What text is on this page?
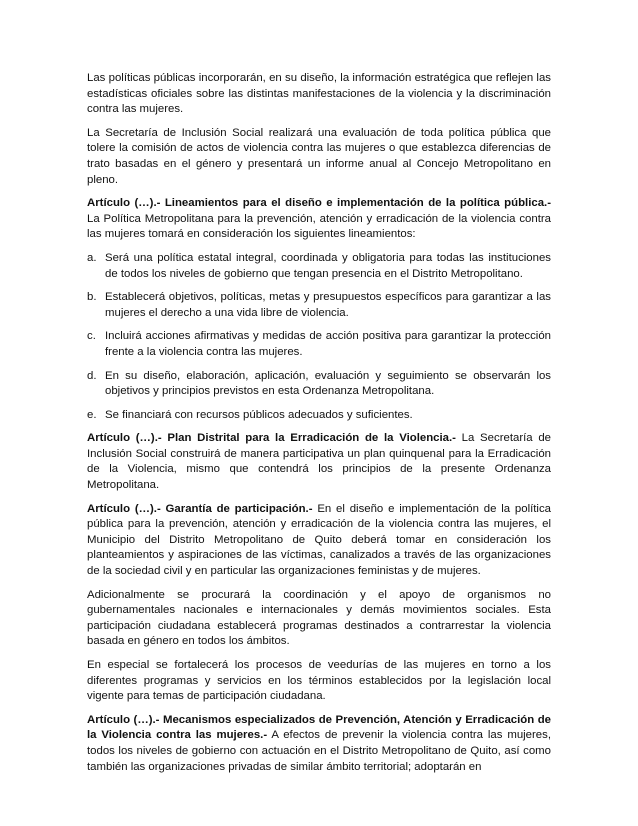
Las políticas públicas incorporarán, en su diseño, la información estratégica que reflejen las estadísticas oficiales sobre las distintas manifestaciones de la violencia y la discriminación contra las mujeres.

La Secretaría de Inclusión Social realizará una evaluación de toda política pública que tolere la comisión de actos de violencia contra las mujeres o que establezca diferencias de trato basadas en el género y presentará un informe anual al Concejo Metropolitano en pleno.

Artículo (…).- Lineamientos para el diseño e implementación de la política pública.- La Política Metropolitana para la prevención, atención y erradicación de la violencia contra las mujeres tomará en consideración los siguientes lineamientos:

a. Será una política estatal integral, coordinada y obligatoria para todas las instituciones de todos los niveles de gobierno que tengan presencia en el Distrito Metropolitano.
b. Establecerá objetivos, políticas, metas y presupuestos específicos para garantizar a las mujeres el derecho a una vida libre de violencia.
c. Incluirá acciones afirmativas y medidas de acción positiva para garantizar la protección frente a la violencia contra las mujeres.
d. En su diseño, elaboración, aplicación, evaluación y seguimiento se observarán los objetivos y principios previstos en esta Ordenanza Metropolitana.
e. Se financiará con recursos públicos adecuados y suficientes.

Artículo (…).- Plan Distrital para la Erradicación de la Violencia.- La Secretaría de Inclusión Social construirá de manera participativa un plan quinquenal para la Erradicación de la Violencia, mismo que contendrá los principios de la presente Ordenanza Metropolitana.

Artículo (…).- Garantía de participación.- En el diseño e implementación de la política pública para la prevención, atención y erradicación de la violencia contra las mujeres, el Municipio del Distrito Metropolitano de Quito deberá tomar en consideración los planteamientos y aspiraciones de las víctimas, canalizados a través de las organizaciones de la sociedad civil y en particular las organizaciones feministas y de mujeres.

Adicionalmente se procurará la coordinación y el apoyo de organismos no gubernamentales nacionales e internacionales y demás movimientos sociales. Esta participación ciudadana establecerá programas destinados a contrarrestar la violencia basada en género en todos los ámbitos.

En especial se fortalecerá los procesos de veedurías de las mujeres en torno a los diferentes programas y servicios en los términos establecidos por la legislación local vigente para temas de participación ciudadana.

Artículo (…).- Mecanismos especializados de Prevención, Atención y Erradicación de la Violencia contra las mujeres.- A efectos de prevenir la violencia contra las mujeres, todos los niveles de gobierno con actuación en el Distrito Metropolitano de Quito, así como también las organizaciones privadas de similar ámbito territorial; adoptarán en
